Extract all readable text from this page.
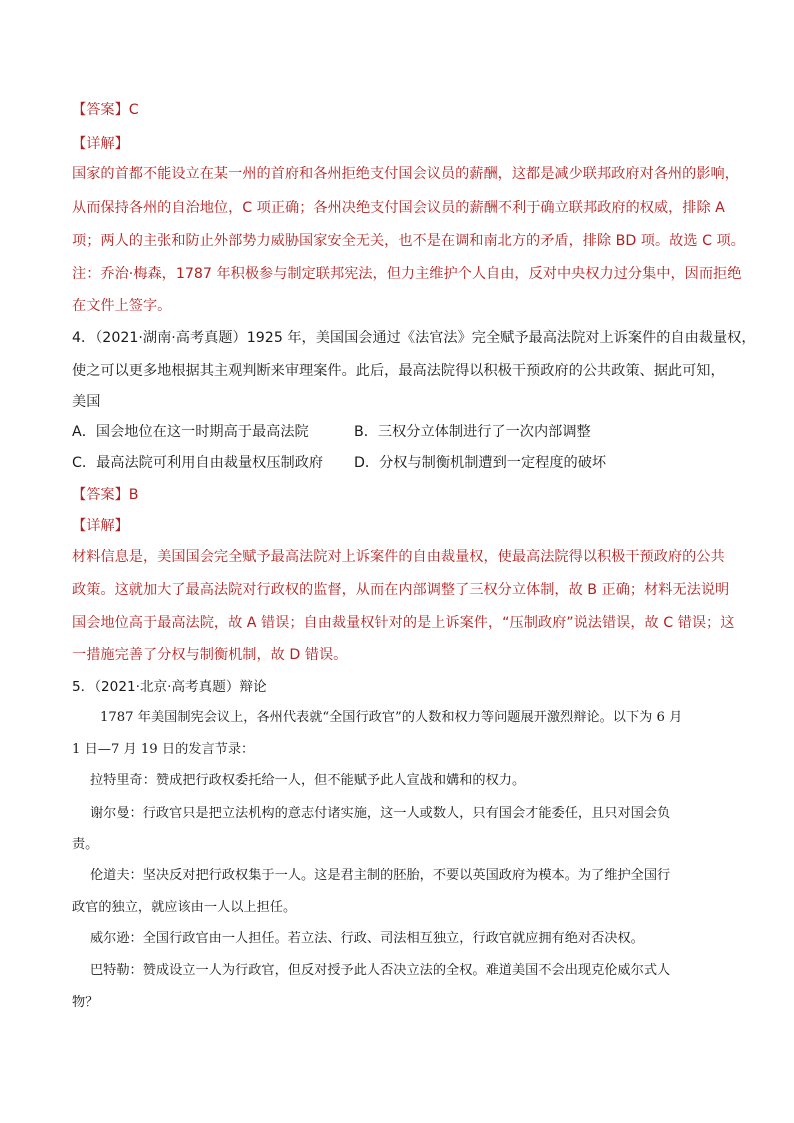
【答案】C
【详解】
国家的首都不能设立在某一州的首府和各州拒绝支付国会议员的薪酬，这都是减少联邦政府对各州的影响，
从而保持各州的自治地位，C 项正确；各州决绝支付国会议员的薪酬不利于确立联邦政府的权威，排除 A
项；两人的主张和防止外部势力威胁国家安全无关，也不是在调和南北方的矛盾，排除 BD 项。故选 C 项。
注：乔治·梅森，1787 年积极参与制定联邦宪法，但力主维护个人自由，反对中央权力过分集中，因而拒绝
在文件上签字。
4．（2021·湖南·高考真题）1925 年，美国国会通过《法官法》完全赋予最高法院对上诉案件的自由裁量权，
使之可以更多地根据其主观判断来审理案件。此后，最高法院得以积极干预政府的公共政策、据此可知，
美国
A．国会地位在这一时期高于最高法院	B．三权分立体制进行了一次内部调整
C．最高法院可利用自由裁量权压制政府 D．分权与制衡机制遭到一定程度的破坏
【答案】B
【详解】
材料信息是，美国国会完全赋予最高法院对上诉案件的自由裁量权，使最高法院得以积极干预政府的公共
政策。这就加大了最高法院对行政权的监督，从而在内部调整了三权分立体制，故 B 正确；材料无法说明
国会地位高于最高法院，故 A 错误；自由裁量权针对的是上诉案件，“压制政府”说法错误，故 C 错误；这
一措施完善了分权与制衡机制，故 D 错误。
5．（2021·北京·高考真题）辩论
1787 年美国制宪会议上，各州代表就“全国行政官”的人数和权力等问题展开激烈辩论。以下为 6 月
1 日—7 月 19 日的发言节录：
拉特里奇：赞成把行政权委托给一人，但不能赋予此人宣战和媾和的权力。
谢尔曼：行政官只是把立法机构的意志付诸实施，这一人或数人，只有国会才能委任，且只对国会负
责。
伦道夫：坚决反对把行政权集于一人。这是君主制的胚胎，不要以英国政府为模本。为了维护全国行
政官的独立，就应该由一人以上担任。
威尔逊：全国行政官由一人担任。若立法、行政、司法相互独立，行政官就应拥有绝对否决权。
巴特勒：赞成设立一人为行政官，但反对授予此人否决立法的全权。难道美国不会出现克伦威尔式人
物？
